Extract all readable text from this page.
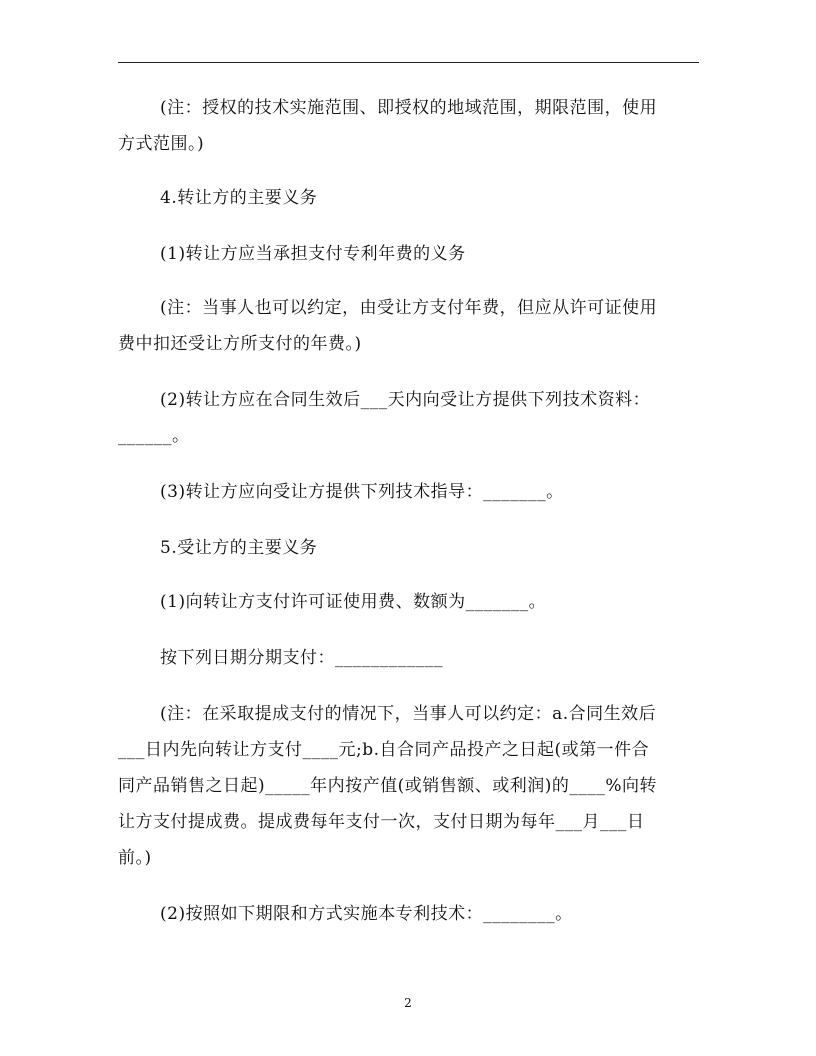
(注：授权的技术实施范围、即授权的地域范围，期限范围，使用
方式范围。)
4.转让方的主要义务
(1)转让方应当承担支付专利年费的义务
(注：当事人也可以约定，由受让方支付年费，但应从许可证使用
费中扣还受让方所支付的年费。)
(2)转让方应在合同生效后___天内向受让方提供下列技术资料：
______。
(3)转让方应向受让方提供下列技术指导：_______。
5.受让方的主要义务
(1)向转让方支付许可证使用费、数额为_______。
按下列日期分期支付：____________
(注：在采取提成支付的情况下，当事人可以约定：a.合同生效后
___日内先向转让方支付____元;b.自合同产品投产之日起(或第一件合
同产品销售之日起)_____年内按产值(或销售额、或利润)的____%向转
让方支付提成费。提成费每年支付一次，支付日期为每年___月___日
前。)
(2)按照如下期限和方式实施本专利技术：________。
2
